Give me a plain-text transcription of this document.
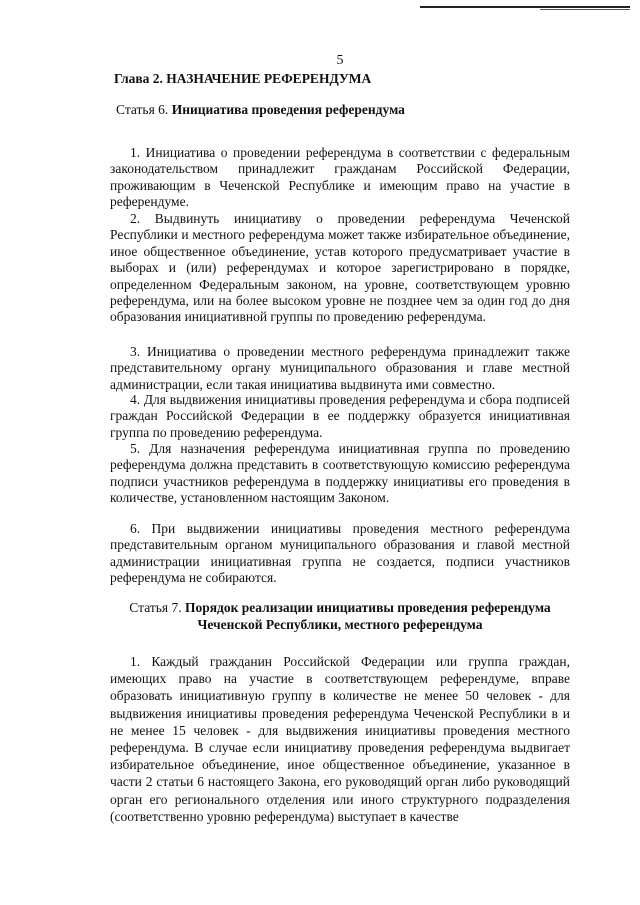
5
Глава 2. НАЗНАЧЕНИЕ РЕФЕРЕНДУМА
Статья 6. Инициатива проведения референдума

1. Инициатива о проведении референдума в соответствии с федеральным законодательством принадлежит гражданам Российской Федерации, проживающим в Чеченской Республике и имеющим право на участие в референдуме.

2. Выдвинуть инициативу о проведении референдума Чеченской Республики и местного референдума может также избирательное объединение, иное общественное объединение, устав которого предусматривает участие в выборах и (или) референдумах и которое зарегистрировано в порядке, определенном Федеральным законом, на уровне, соответствующем уровню референдума, или на более высоком уровне не позднее чем за один год до дня образования инициативной группы по проведению референдума.

3. Инициатива о проведении местного референдума принадлежит также представительному органу муниципального образования и главе местной администрации, если такая инициатива выдвинута ими совместно.

4. Для выдвижения инициативы проведения референдума и сбора подписей граждан Российской Федерации в ее поддержку образуется инициативная группа по проведению референдума.

5. Для назначения референдума инициативная группа по проведению референдума должна представить в соответствующую комиссию референдума подписи участников референдума в поддержку инициативы его проведения в количестве, установленном настоящим Законом.

6. При выдвижении инициативы проведения местного референдума представительным органом муниципального образования и главой местной администрации инициативная группа не создается, подписи участников референдума не собираются.

Статья 7. Порядок реализации инициативы проведения референдума
Чеченской Республики, местного референдума

1. Каждый гражданин Российской Федерации или группа граждан, имеющих право на участие в соответствующем референдуме, вправе образовать инициативную группу в количестве не менее 50 человек - для выдвижения инициативы проведения референдума Чеченской Республики в и не менее 15 человек - для выдвижения инициативы проведения местного референдума. В случае если инициативу проведения референдума выдвигает избирательное объединение, иное общественное объединение, указанное в части 2 статьи 6 настоящего Закона, его руководящий орган либо руководящий орган его регионального отделения или иного структурного подразделения (соответственно уровню референдума) выступает в качестве
